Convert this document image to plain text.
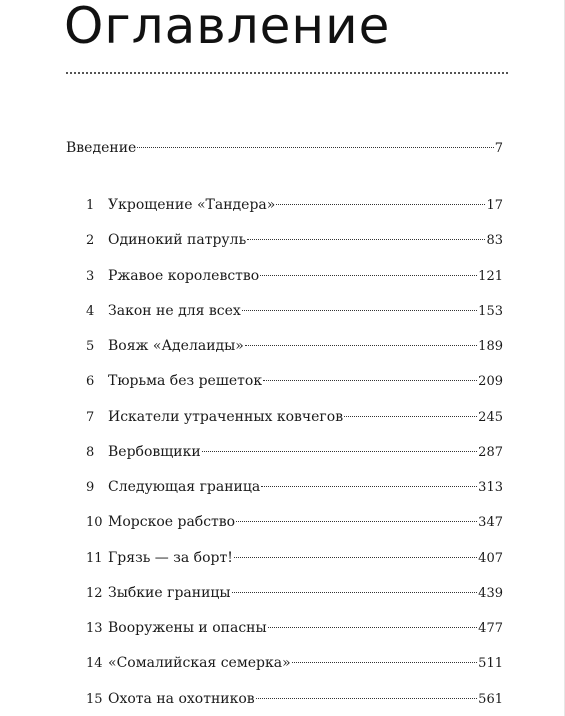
Оглавление
Введение	7
1 Укрощение «Тандера»	17
2 Одинокий патруль	83
3 Ржавое королевство	121
4 Закон не для всех	153
5 Вояж «Аделаиды»	189
6 Тюрьма без решеток	209
7 Искатели утраченных ковчегов	245
8 Вербовщики	287
9 Следующая граница	313
10 Морское рабство	347
11 Грязь — за борт!	407
12 Зыбкие границы	439
13 Вооружены и опасны	477
14 «Сомалийская семерка»	511
15 Охота на охотников	561
